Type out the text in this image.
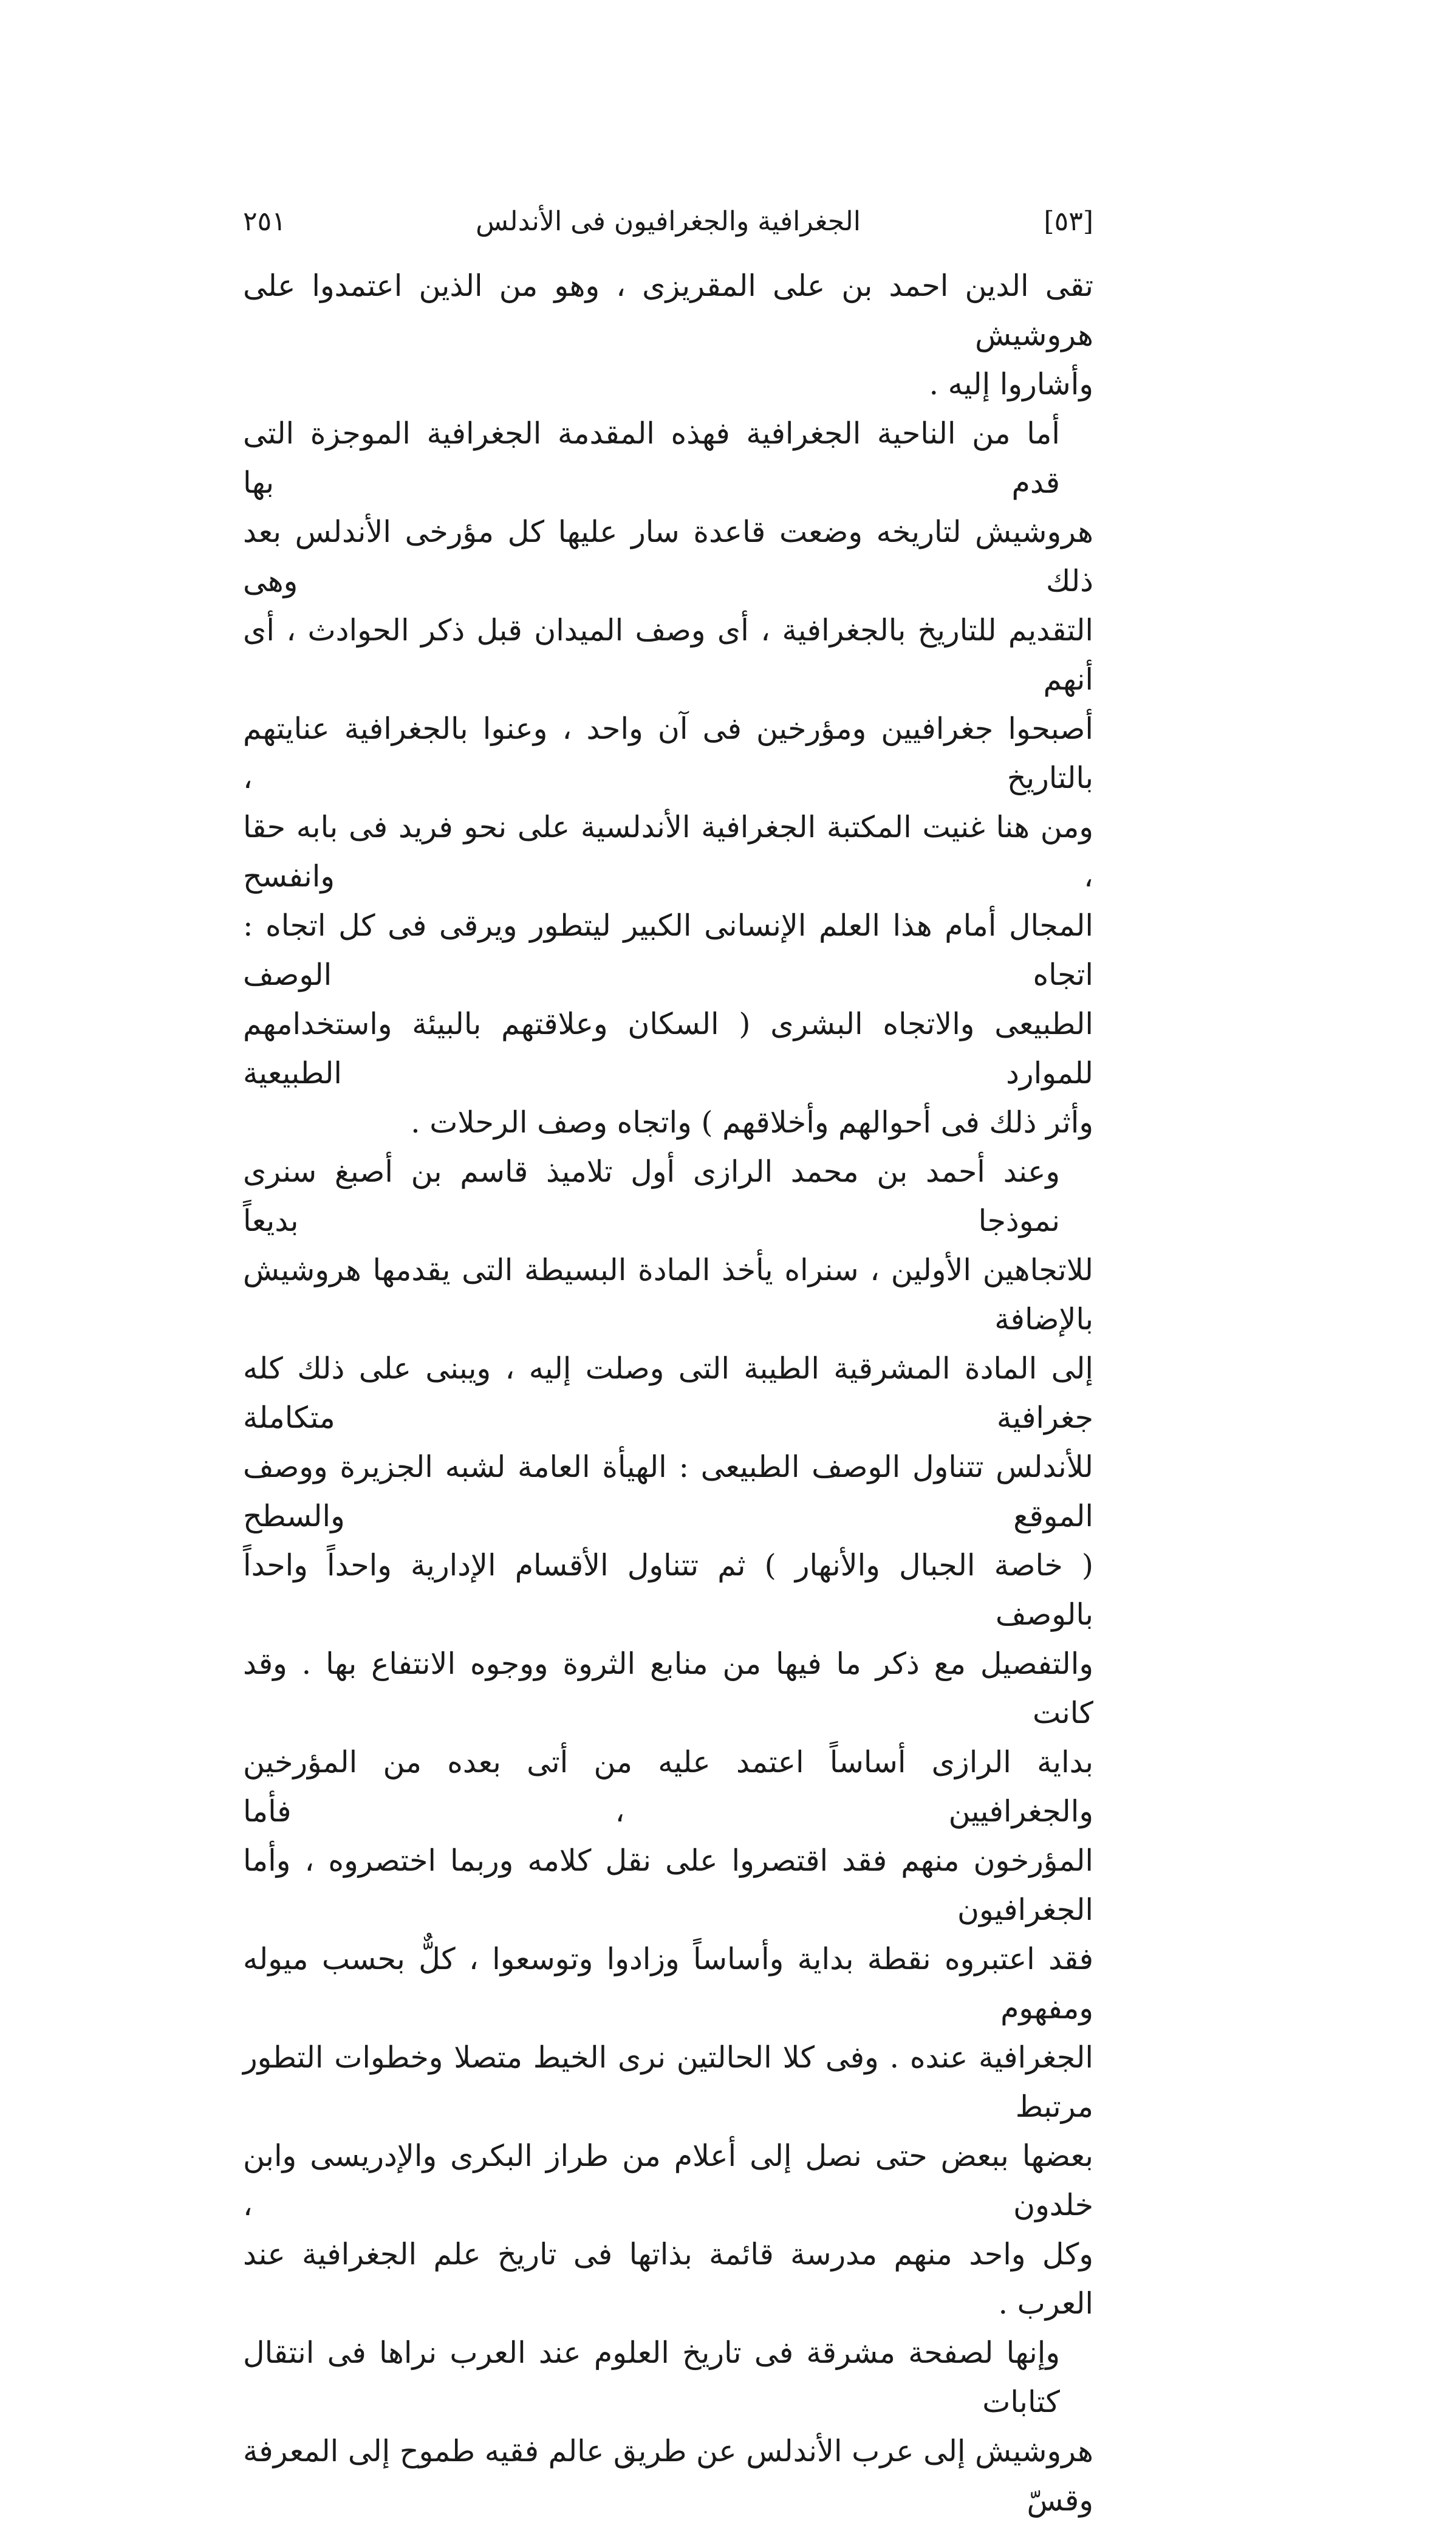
[٥٣]
الجغرافية والجغرافيون فى الأندلس
٢٥١

تقى الدين احمد بن على المقريزى ، وهو من الذين اعتمدوا على هروشيش

وأشاروا إليه .

أما من الناحية الجغرافية فهذه المقدمة الجغرافية الموجزة التى قدم بها

هروشيش لتاريخه وضعت قاعدة سار عليها كل مؤرخى الأندلس بعد ذلك وهى

التقديم للتاريخ بالجغرافية ، أى وصف الميدان قبل ذكر الحوادث ، أى أنهم

أصبحوا جغرافيين ومؤرخين فى آن واحد ، وعنوا بالجغرافية عنايتهم بالتاريخ ،

ومن هنا غنيت المكتبة الجغرافية الأندلسية على نحو فريد فى بابه حقا ، وانفسح

المجال أمام هذا العلم الإنسانى الكبير ليتطور ويرقى فى كل اتجاه : اتجاه الوصف

الطبيعى والاتجاه البشرى ( السكان وعلاقتهم بالبيئة واستخدامهم للموارد الطبيعية

وأثر ذلك فى أحوالهم وأخلاقهم ) واتجاه وصف الرحلات .

وعند أحمد بن محمد الرازى أول تلاميذ قاسم بن أصبغ سنرى نموذجا بديعاً

للاتجاهين الأولين ، سنراه يأخذ المادة البسيطة التى يقدمها هروشيش بالإضافة

إلى المادة المشرقية الطيبة التى وصلت إليه ، ويبنى على ذلك كله جغرافية متكاملة

للأندلس تتناول الوصف الطبيعى : الهيأة العامة لشبه الجزيرة ووصف الموقع والسطح

( خاصة الجبال والأنهار ) ثم تتناول الأقسام الإدارية واحداً واحداً بالوصف

والتفصيل مع ذكر ما فيها من منابع الثروة ووجوه الانتفاع بها . وقد كانت

بداية الرازى أساساً اعتمد عليه من أتى بعده من المؤرخين والجغرافيين ، فأما

المؤرخون منهم فقد اقتصروا على نقل كلامه وربما اختصروه ، وأما الجغرافيون

فقد اعتبروه نقطة بداية وأساساً وزادوا وتوسعوا ، كلٌّ بحسب ميوله ومفهوم

الجغرافية عنده . وفى كلا الحالتين نرى الخيط متصلا وخطوات التطور مرتبط

بعضها ببعض حتى نصل إلى أعلام من طراز البكرى والإدريسى وابن خلدون ،

وكل واحد منهم مدرسة قائمة بذاتها فى تاريخ علم الجغرافية عند العرب .

وإنها لصفحة مشرقة فى تاريخ العلوم عند العرب نراها فى انتقال كتابات

هروشيش إلى عرب الأندلس عن طريق عالم فقيه طموح إلى المعرفة وقسّ
